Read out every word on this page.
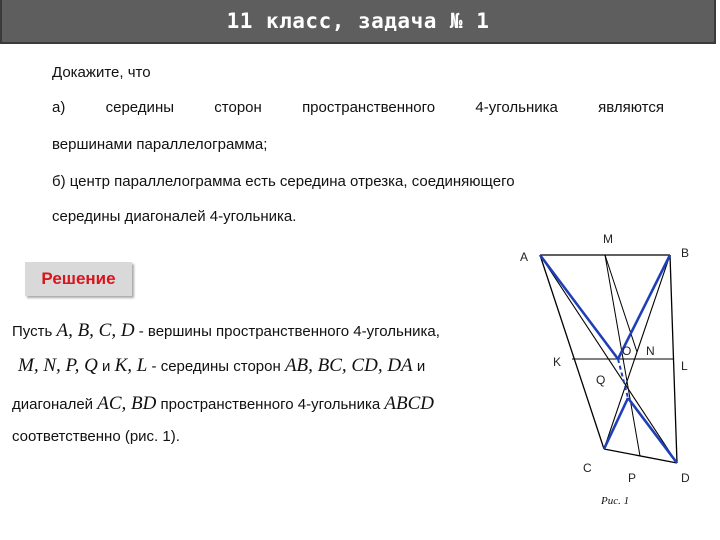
11 класс, задача № 1
Докажите, что
а)	середины	сторон	пространственного	4-угольника	являются
вершинами параллелограмма;
б) центр параллелограмма есть середина отрезка, соединяющего
середины диагоналей 4-угольника.
Решение
Пусть A, B, C, D - вершины пространственного 4-угольника,
M, N, P, Q и K, L - середины сторон AB, BC, CD, DA и
диагоналей AC, BD пространственного 4-угольника ABCD
соответственно (рис. 1).
A	B
C
D
M
N
P
Q
K	L
O
Рис. 1
